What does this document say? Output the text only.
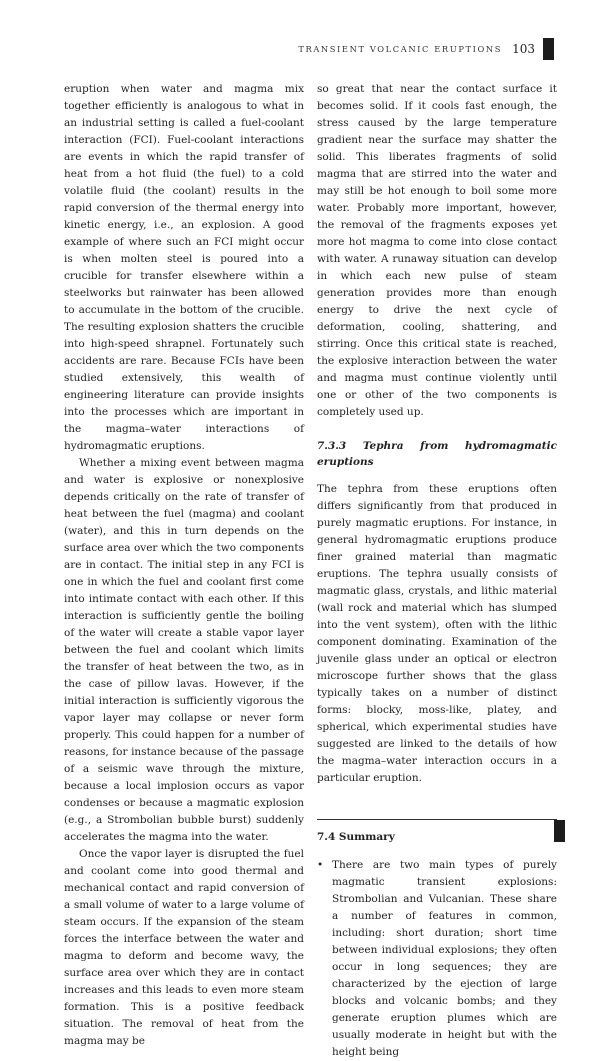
TRANSIENT VOLCANIC ERUPTIONS 103

eruption when water and magma mix together efficiently is analogous to what in an industrial setting is called a fuel-coolant interaction (FCI). Fuel-coolant interactions are events in which the rapid transfer of heat from a hot fluid (the fuel) to a cold volatile fluid (the coolant) results in the rapid conversion of the thermal energy into kinetic energy, i.e., an explosion. A good example of where such an FCI might occur is when molten steel is poured into a crucible for transfer elsewhere within a steelworks but rainwater has been allowed to accumulate in the bottom of the crucible. The resulting explosion shatters the crucible into high-speed shrapnel. Fortunately such accidents are rare. Because FCIs have been studied extensively, this wealth of engineering literature can provide insights into the processes which are important in the magma–water interactions of hydromagmatic eruptions.

Whether a mixing event between magma and water is explosive or nonexplosive depends critically on the rate of transfer of heat between the fuel (magma) and coolant (water), and this in turn depends on the surface area over which the two components are in contact. The initial step in any FCI is one in which the fuel and coolant first come into intimate contact with each other. If this interaction is sufficiently gentle the boiling of the water will create a stable vapor layer between the fuel and coolant which limits the transfer of heat between the two, as in the case of pillow lavas. However, if the initial interaction is sufficiently vigorous the vapor layer may collapse or never form properly. This could happen for a number of reasons, for instance because of the passage of a seismic wave through the mixture, because a local implosion occurs as vapor condenses or because a magmatic explosion (e.g., a Strombolian bubble burst) suddenly accelerates the magma into the water.

Once the vapor layer is disrupted the fuel and coolant come into good thermal and mechanical contact and rapid conversion of a small volume of water to a large volume of steam occurs. If the expansion of the steam forces the interface between the water and magma to deform and become wavy, the surface area over which they are in contact increases and this leads to even more steam formation. This is a positive feedback situation. The removal of heat from the magma may be

so great that near the contact surface it becomes solid. If it cools fast enough, the stress caused by the large temperature gradient near the surface may shatter the solid. This liberates fragments of solid magma that are stirred into the water and may still be hot enough to boil some more water. Probably more important, however, the removal of the fragments exposes yet more hot magma to come into close contact with water. A runaway situation can develop in which each new pulse of steam generation provides more than enough energy to drive the next cycle of deformation, cooling, shattering, and stirring. Once this critical state is reached, the explosive interaction between the water and magma must continue violently until one or other of the two components is completely used up.

7.3.3 Tephra from hydromagmatic eruptions

The tephra from these eruptions often differs significantly from that produced in purely magmatic eruptions. For instance, in general hydromagmatic eruptions produce finer grained material than magmatic eruptions. The tephra usually consists of magmatic glass, crystals, and lithic material (wall rock and material which has slumped into the vent system), often with the lithic component dominating. Examination of the juvenile glass under an optical or electron microscope further shows that the glass typically takes on a number of distinct forms: blocky, moss-like, platey, and spherical, which experimental studies have suggested are linked to the details of how the magma–water interaction occurs in a particular eruption.

7.4 Summary
• There are two main types of purely magmatic transient explosions: Strombolian and Vulcanian. These share a number of features in common, including: short duration; short time between individual explosions; they often occur in long sequences; they are characterized by the ejection of large blocks and volcanic bombs; and they generate eruption plumes which are usually moderate in height but with the height being
